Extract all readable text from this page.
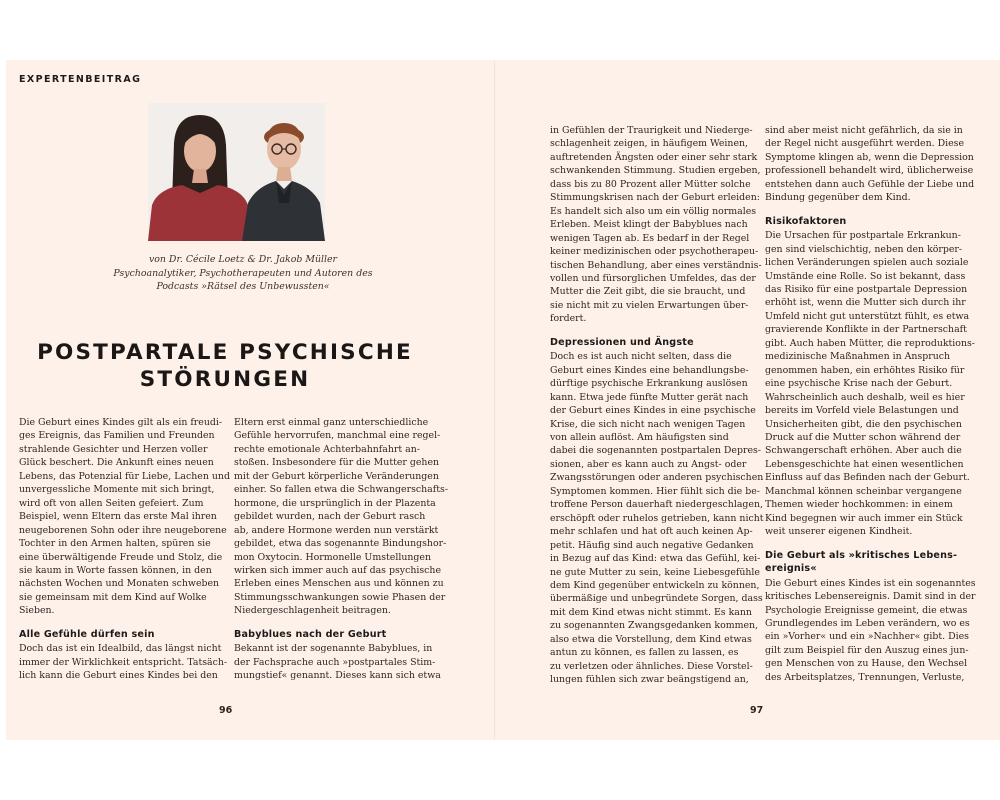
EXPERTENBEITRAG
von Dr. Cécile Loetz & Dr. Jakob Müller
Psychoanalytiker, Psychotherapeuten und Autoren des
Podcasts »Rätsel des Unbewussten«
POSTPARTALE PSYCHISCHE
STÖRUNGEN

Die Geburt eines Kindes gilt als ein freudi-
ges Ereignis, das Familien und Freunden
strahlende Gesichter und Herzen voller
Glück beschert. Die Ankunft eines neuen
Lebens, das Potenzial für Liebe, Lachen und
unvergessliche Momente mit sich bringt,
wird oft von allen Seiten gefeiert. Zum
Beispiel, wenn Eltern das erste Mal ihren
neugeborenen Sohn oder ihre neugeborene
Tochter in den Armen halten, spüren sie
eine überwältigende Freude und Stolz, die
sie kaum in Worte fassen können, in den
nächsten Wochen und Monaten schweben
sie gemeinsam mit dem Kind auf Wolke
Sieben.

Alle Gefühle dürfen sein

Doch das ist ein Idealbild, das längst nicht
immer der Wirklichkeit entspricht. Tatsäch-
lich kann die Geburt eines Kindes bei den

Eltern erst einmal ganz unterschiedliche
Gefühle hervorrufen, manchmal eine regel-
rechte emotionale Achterbahnfahrt an-
stoßen. Insbesondere für die Mutter gehen
mit der Geburt körperliche Veränderungen
einher. So fallen etwa die Schwangerschafts-
hormone, die ursprünglich in der Plazenta
gebildet wurden, nach der Geburt rasch
ab, andere Hormone werden nun verstärkt
gebildet, etwa das sogenannte Bindungshor-
mon Oxytocin. Hormonelle Umstellungen
wirken sich immer auch auf das psychische
Erleben eines Menschen aus und können zu
Stimmungsschwankungen sowie Phasen der
Niedergeschlagenheit beitragen.

Babyblues nach der Geburt

Bekannt ist der sogenannte Babyblues, in
der Fachsprache auch »postpartales Stim-
mungstief« genannt. Dieses kann sich etwa

in Gefühlen der Traurigkeit und Niederge-
schlagenheit zeigen, in häufigem Weinen,
auftretenden Ängsten oder einer sehr stark
schwankenden Stimmung. Studien ergeben,
dass bis zu 80 Prozent aller Mütter solche
Stimmungskrisen nach der Geburt erleiden:
Es handelt sich also um ein völlig normales
Erleben. Meist klingt der Babyblues nach
wenigen Tagen ab. Es bedarf in der Regel
keiner medizinischen oder psychotherapeu-
tischen Behandlung, aber eines verständnis-
vollen und fürsorglichen Umfeldes, das der
Mutter die Zeit gibt, die sie braucht, und
sie nicht mit zu vielen Erwartungen über-
fordert.

Depressionen und Ängste

Doch es ist auch nicht selten, dass die
Geburt eines Kindes eine behandlungsbe-
dürftige psychische Erkrankung auslösen
kann. Etwa jede fünfte Mutter gerät nach
der Geburt eines Kindes in eine psychische
Krise, die sich nicht nach wenigen Tagen
von allein auflöst. Am häufigsten sind
dabei die sogenannten postpartalen Depres-
sionen, aber es kann auch zu Angst- oder
Zwangsstörungen oder anderen psychischen
Symptomen kommen. Hier fühlt sich die be-
troffene Person dauerhaft niedergeschlagen,
erschöpft oder ruhelos getrieben, kann nicht
mehr schlafen und hat oft auch keinen Ap-
petit. Häufig sind auch negative Gedanken
in Bezug auf das Kind: etwa das Gefühl, kei-
ne gute Mutter zu sein, keine Liebesgefühle
dem Kind gegenüber entwickeln zu können,
übermäßige und unbegründete Sorgen, dass
mit dem Kind etwas nicht stimmt. Es kann
zu sogenannten Zwangsgedanken kommen,
also etwa die Vorstellung, dem Kind etwas
antun zu können, es fallen zu lassen, es
zu verletzen oder ähnliches. Diese Vorstel-
lungen fühlen sich zwar beängstigend an,

sind aber meist nicht gefährlich, da sie in
der Regel nicht ausgeführt werden. Diese
Symptome klingen ab, wenn die Depression
professionell behandelt wird, üblicherweise
entstehen dann auch Gefühle der Liebe und
Bindung gegenüber dem Kind.

Risikofaktoren

Die Ursachen für postpartale Erkrankun-
gen sind vielschichtig, neben den körper-
lichen Veränderungen spielen auch soziale
Umstände eine Rolle. So ist bekannt, dass
das Risiko für eine postpartale Depression
erhöht ist, wenn die Mutter sich durch ihr
Umfeld nicht gut unterstützt fühlt, es etwa
gravierende Konflikte in der Partnerschaft
gibt. Auch haben Mütter, die reproduktions-
medizinische Maßnahmen in Anspruch
genommen haben, ein erhöhtes Risiko für
eine psychische Krise nach der Geburt.
Wahrscheinlich auch deshalb, weil es hier
bereits im Vorfeld viele Belastungen und
Unsicherheiten gibt, die den psychischen
Druck auf die Mutter schon während der
Schwangerschaft erhöhen. Aber auch die
Lebensgeschichte hat einen wesentlichen
Einfluss auf das Befinden nach der Geburt.
Manchmal können scheinbar vergangene
Themen wieder hochkommen: in einem
Kind begegnen wir auch immer ein Stück
weit unserer eigenen Kindheit.

Die Geburt als »kritisches Lebens-
ereignis«

Die Geburt eines Kindes ist ein sogenanntes
kritisches Lebensereignis. Damit sind in der
Psychologie Ereignisse gemeint, die etwas
Grundlegendes im Leben verändern, wo es
ein »Vorher« und ein »Nachher« gibt. Dies
gilt zum Beispiel für den Auszug eines jun-
gen Menschen von zu Hause, den Wechsel
des Arbeitsplatzes, Trennungen, Verluste,

96	97
